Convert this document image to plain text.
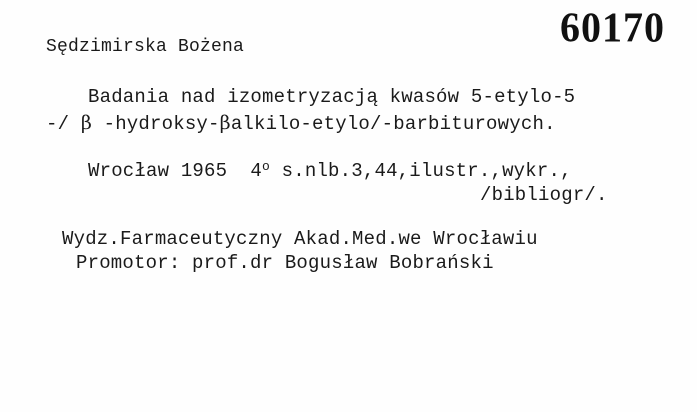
60170
Sędzimirska Bożena
Badania nad izometryzacją kwasów 5-etylo-5
-/ β -hydroksy-βalkilo-etylo/-barbiturowych.
Wrocław 1965  4$^o$ s.nlb.3,44,ilustr.,wykr.,
/bibliogr/.
Wydz.Farmaceutyczny Akad.Med.we Wrocławiu
Promotor: prof.dr Bogusław Bobrański
